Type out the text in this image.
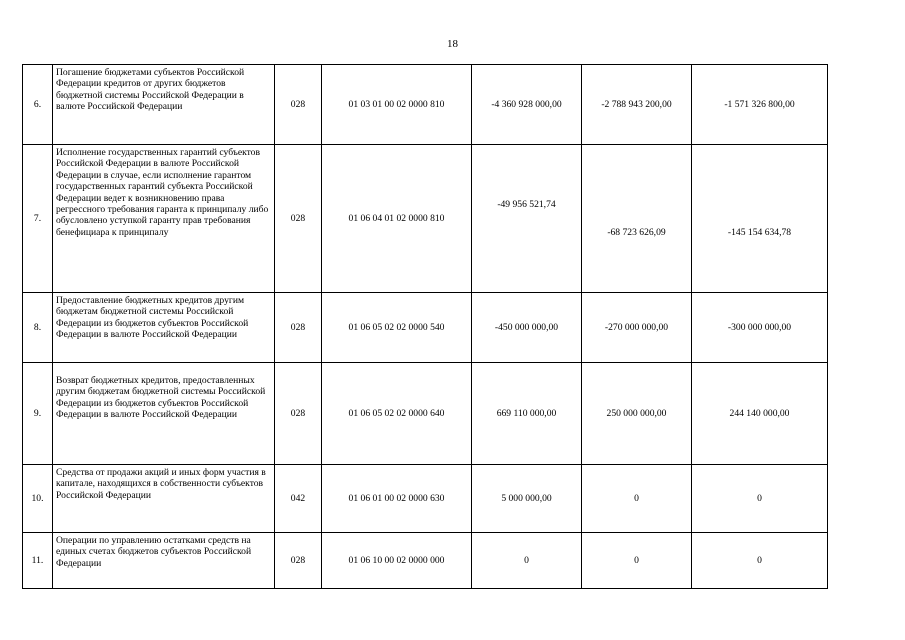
18
6.	Погашение бюджетами субъектов Российской Федерации кредитов от других бюджетов бюджетной системы Российской Федерации в валюте Российской Федерации	028	01 03 01 00 02 0000 810	-4 360 928 000,00	-2 788 943 200,00	-1 571 326 800,00
7.	Исполнение государственных гарантий субъектов Российской Федерации в валюте Российской Федерации в случае, если исполнение гарантом государственных гарантий субъекта Российской Федерации ведет к возникновению права регрессного требования гаранта к принципалу либо обусловлено уступкой гаранту прав требования бенефициара к принципалу	028	01 06 04 01 02 0000 810	-49 956 521,74	-68 723 626,09	-145 154 634,78
8.	Предоставление бюджетных кредитов другим бюджетам бюджетной системы Российской Федерации из бюджетов субъектов Российской Федерации в валюте Российской Федерации	028	01 06 05 02 02 0000 540	-450 000 000,00	-270 000 000,00	-300 000 000,00
9.	Возврат бюджетных кредитов, предоставленных другим бюджетам бюджетной системы Российской Федерации из бюджетов субъектов Российской Федерации в валюте Российской Федерации	028	01 06 05 02 02 0000 640	669 110 000,00	250 000 000,00	244 140 000,00
10.	Средства от продажи акций и иных форм участия в капитале, находящихся в собственности субъектов Российской Федерации	042	01 06 01 00 02 0000 630	5 000 000,00	0	0
11.	Операции по управлению остатками средств на единых счетах бюджетов субъектов Российской Федерации	028	01 06 10 00 02 0000 000	0	0	0
